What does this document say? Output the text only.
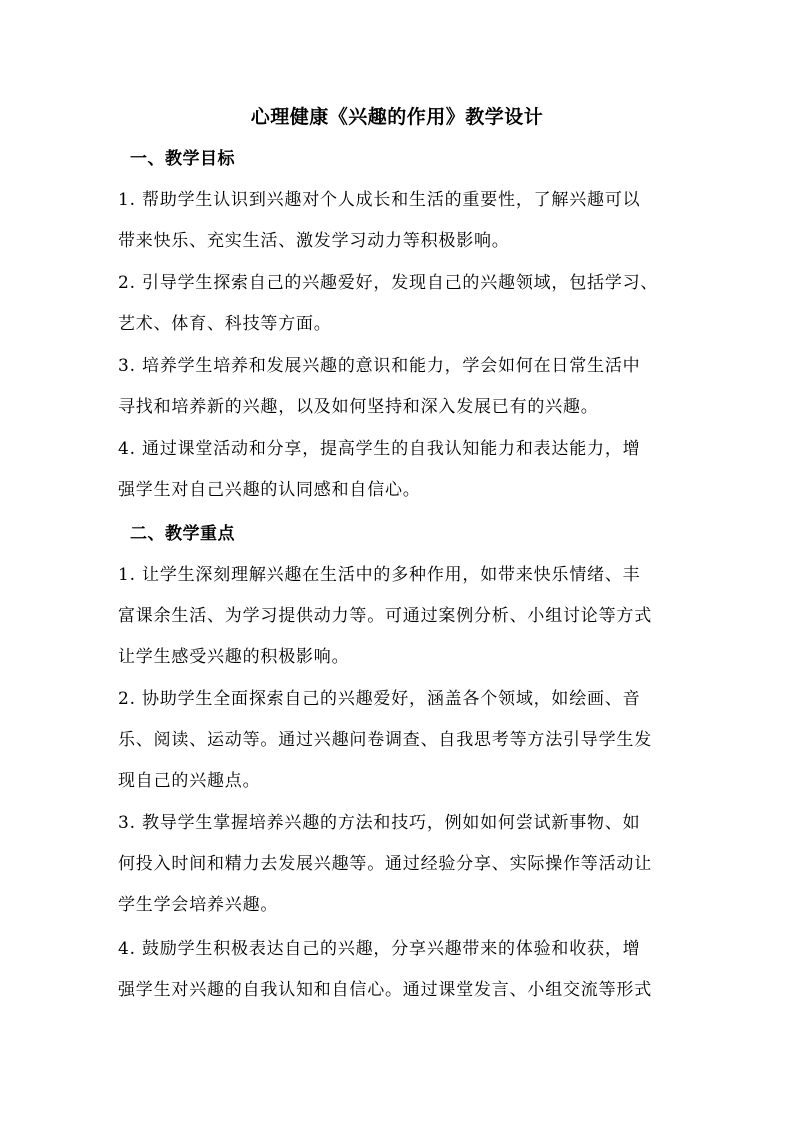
心理健康《兴趣的作用》教学设计
一、教学目标
1. 帮助学生认识到兴趣对个人成长和生活的重要性，了解兴趣可以
带来快乐、充实生活、激发学习动力等积极影响。
2. 引导学生探索自己的兴趣爱好，发现自己的兴趣领域，包括学习、
艺术、体育、科技等方面。
3. 培养学生培养和发展兴趣的意识和能力，学会如何在日常生活中
寻找和培养新的兴趣，以及如何坚持和深入发展已有的兴趣。
4. 通过课堂活动和分享，提高学生的自我认知能力和表达能力，增
强学生对自己兴趣的认同感和自信心。
二、教学重点
1. 让学生深刻理解兴趣在生活中的多种作用，如带来快乐情绪、丰
富课余生活、为学习提供动力等。可通过案例分析、小组讨论等方式
让学生感受兴趣的积极影响。
2. 协助学生全面探索自己的兴趣爱好，涵盖各个领域，如绘画、音
乐、阅读、运动等。通过兴趣问卷调查、自我思考等方法引导学生发
现自己的兴趣点。
3. 教导学生掌握培养兴趣的方法和技巧，例如如何尝试新事物、如
何投入时间和精力去发展兴趣等。通过经验分享、实际操作等活动让
学生学会培养兴趣。
4. 鼓励学生积极表达自己的兴趣，分享兴趣带来的体验和收获，增
强学生对兴趣的自我认知和自信心。通过课堂发言、小组交流等形式
